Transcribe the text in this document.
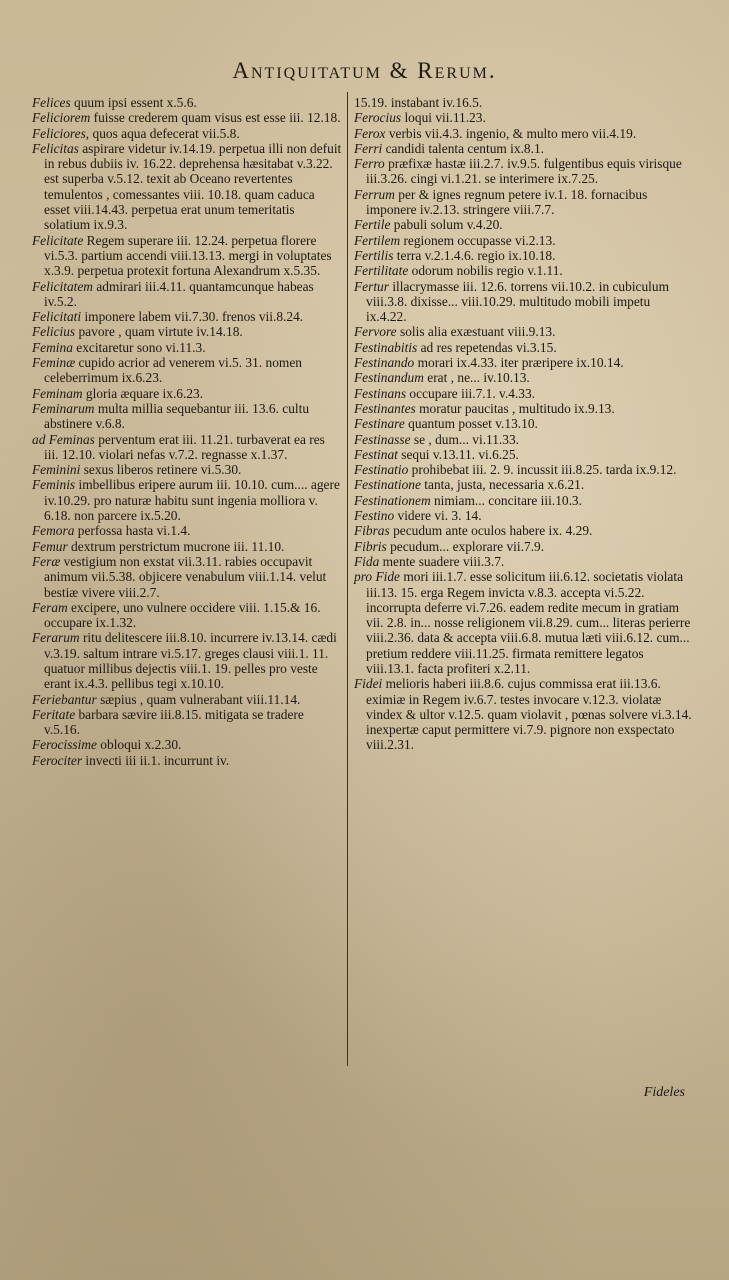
Antiquitatum & Rerum.

Felices quum ipsi essent x.5.6.

Feliciorem fuisse crederem quam visus est esse iii. 12.18.

Feliciores, quos aqua defecerat vii.5.8.

Felicitas aspirare videtur iv.14.19. perpetua illi non defuit in rebus dubiis iv. 16.22. deprehensa hæsitabat v.3.22. est superba v.5.12. texit ab Oceano revertentes temulentos , comessantes viii. 10.18. quam caduca esset viii.14.43. perpetua erat unum temeritatis solatium ix.9.3.

Felicitate Regem superare iii. 12.24. perpetua florere vi.5.3. partium accendi viii.13.13. mergi in voluptates x.3.9. perpetua protexit fortuna Alexandrum x.5.35.

Felicitatem admirari iii.4.11. quantamcunque habeas iv.5.2.

Felicitati imponere labem vii.7.30. frenos vii.8.24.

Felicius pavore , quam virtute iv.14.18.

Femina excitaretur sono vi.11.3.

Feminæ cupido acrior ad venerem vi.5. 31. nomen celeberrimum ix.6.23.

Feminam gloria æquare ix.6.23.

Feminarum multa millia sequebantur iii. 13.6. cultu abstinere v.6.8.

ad Feminas perventum erat iii. 11.21. turbaverat ea res iii. 12.10. violari nefas v.7.2. regnasse x.1.37.

Feminini sexus liberos retinere vi.5.30.

Feminis imbellibus eripere aurum iii. 10.10. cum.... agere iv.10.29. pro naturæ habitu sunt ingenia molliora v. 6.18. non parcere ix.5.20.

Femora perfossa hasta vi.1.4.

Femur dextrum perstrictum mucrone iii. 11.10.

Feræ vestigium non exstat vii.3.11. rabies occupavit animum vii.5.38. objicere venabulum viii.1.14. velut bestiæ vivere viii.2.7.

Feram excipere, uno vulnere occidere viii. 1.15.& 16. occupare ix.1.32.

Ferarum ritu delitescere iii.8.10. incurrere iv.13.14. cædi v.3.19. saltum intrare vi.5.17. greges clausi viii.1. 11. quatuor millibus dejectis viii.1. 19. pelles pro veste erant ix.4.3. pellibus tegi x.10.10.

Feriebantur sæpius , quam vulnerabant viii.11.14.

Feritate barbara sævire iii.8.15. mitigata se tradere v.5.16.

Ferocissime obloqui x.2.30.

Ferociter invecti iii ii.1. incurrunt iv.

15.19. instabant iv.16.5.

Ferocius loqui vii.11.23.

Ferox verbis vii.4.3. ingenio, & multo mero vii.4.19.

Ferri candidi talenta centum ix.8.1.

Ferro præfixæ hastæ iii.2.7. iv.9.5. fulgentibus equis virisque iii.3.26. cingi vi.1.21. se interimere ix.7.25.

Ferrum per & ignes regnum petere iv.1. 18. fornacibus imponere iv.2.13. stringere viii.7.7.

Fertile pabuli solum v.4.20.

Fertilem regionem occupasse vi.2.13.

Fertilis terra v.2.1.4.6. regio ix.10.18.

Fertilitate odorum nobilis regio v.1.11.

Fertur illacrymasse iii. 12.6. torrens vii.10.2. in cubiculum viii.3.8. dixisse... viii.10.29. multitudo mobili impetu ix.4.22.

Fervore solis alia exæstuant viii.9.13.

Festinabitis ad res repetendas vi.3.15.

Festinando morari ix.4.33. iter præripere ix.10.14.

Festinandum erat , ne... iv.10.13.

Festinans occupare iii.7.1. v.4.33.

Festinantes moratur paucitas , multitudo ix.9.13.

Festinare quantum posset v.13.10.

Festinasse se , dum... vi.11.33.

Festinat sequi v.13.11. vi.6.25.

Festinatio prohibebat iii. 2. 9. incussit iii.8.25. tarda ix.9.12.

Festinatione tanta, justa, necessaria x.6.21.

Festinationem nimiam... concitare iii.10.3.

Festino videre vi. 3. 14.

Fibras pecudum ante oculos habere ix. 4.29.

Fibris pecudum... explorare vii.7.9.

Fida mente suadere viii.3.7.

pro Fide mori iii.1.7. esse solicitum iii.6.12. societatis violata iii.13. 15. erga Regem invicta v.8.3. accepta vi.5.22. incorrupta deferre vi.7.26. eadem redite mecum in gratiam vii. 2.8. in... nosse religionem vii.8.29. cum... literas perierre viii.2.36. data & accepta viii.6.8. mutua læti viii.6.12. cum... pretium reddere viii.11.25. firmata remittere legatos viii.13.1. facta profiteri x.2.11.

Fidei melioris haberi iii.8.6. cujus commissa erat iii.13.6. eximiæ in Regem iv.6.7. testes invocare v.12.3. violatæ vindex & ultor v.12.5. quam violavit , pœnas solvere vi.3.14. inexpertæ caput permittere vi.7.9. pignore non exspectato viii.2.31.

Fideles
